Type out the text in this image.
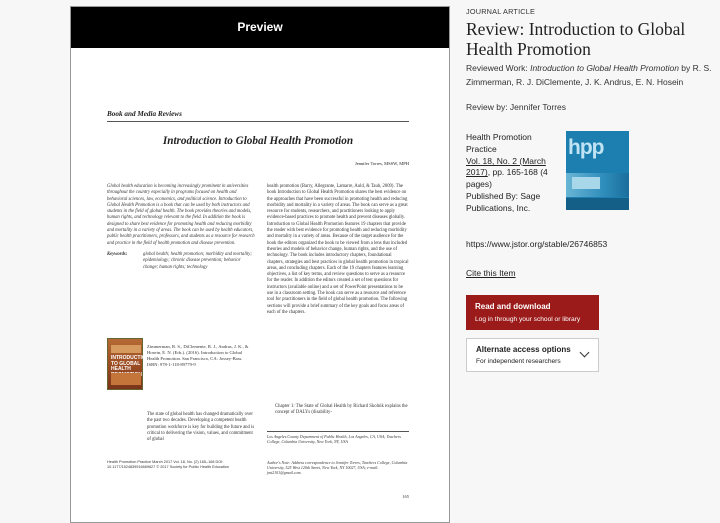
Preview
Book and Media Reviews
Introduction to Global Health Promotion
Jennifer Torres, MSSW, MPH
Global health education is becoming increasingly prominent in universities throughout the country especially in programs focused on health and behavioral sciences, law, economics, and political science. Introduction to Global Health Promotion is a book that can be used by both instructors and students in the field of global health. The book provides theories and models, human rights, and technology relevant to the field. In addition the book is designed to share best evidence for promoting health and reducing morbidity and mortality in a variety of areas. The book can be used by health educators, public health practitioners, professors, and students as a resource for research and practice in the field of health promotion and disease prevention.
Keywords:	global health; health promotion; morbidity and mortality; epidemiology; chronic disease prevention; behavior change; human rights; technology
INTRODUCTION TO GLOBAL HEALTH
Zimmerman, R. S., DiClemente, R. J., Andrus, J. K., & Hosein, E. N. (Eds.). (2016). Introduction to Global Health Promotion. San Francisco, CA: Jossey-Bass. ISBN: 978-1-118-89779-9
The state of global health has changed dramatically over the past two decades. Developing a competent health promotion workforce is key for building the future and is critical to delivering the vision, values, and commitment of global
health promotion (Barry, Allegrante, Lamarre, Auld, & Taub, 2009). The book Introduction to Global Health Promotion shares the best evidence on the approaches that have been successful in promoting health and reducing morbidity and mortality in a variety of areas. The book can serve as a great resource for students, researchers, and practitioners looking to apply evidence-based practices to promote health and prevent diseases globally. Introduction to Global Health Promotion features 19 chapters that provide the reader with best evidence for promoting health and reducing morbidity and mortality in a variety of areas. Because of the target audience for the book the editors organized the book to be viewed from a lens that included theories and models of behavior change, human rights, and the use of technology. The book includes introductory chapters, foundational chapters, strategies and best practices in global health promotion in tropical areas, and concluding chapters. Each of the 19 chapters features learning objectives, a list of key terms, and review questions to serve as a resource for the reader. In addition the editors created a set of test questions for instructors (available online) and a set of PowerPoint presentations to be use in a classroom setting. The book can serve as a resource and reference tool for practitioners in the field of global health promotion. The following sections will provide a brief summary of the key goals and focus areas of each of the chapters.
Chapter 1: The State of Global Health by Richard Skolnik explains the concept of DALYs (disability-
Los Angeles County Department of Public Health, Los Angeles, CA, USA; Teachers College, Columbia University, New York, NY, USA
Author's Note: Address correspondence to Jennifer Torres, Teachers College, Columbia University, 525 West 120th Street, New York, NY 10027, USA; e-mail: jmt2101@gmail.com.
Health Promotion Practice March 2017 Vol. 18, No. (2) 165–168 DOI: 10.1177/1524839916669627 © 2017 Society for Public Health Education
165
JOURNAL ARTICLE
Review: Introduction to Global Health Promotion
Reviewed Work: Introduction to Global Health Promotion by R. S. Zimmerman, R. J. DiClemente, J. K. Andrus, E. N. Hosein
Review by: Jennifer Torres
Health Promotion Practice
Vol. 18, No. 2 (March 2017), pp. 165-168 (4 pages)
Published By: Sage Publications, Inc.
hpp
https://www.jstor.org/stable/26746853
Cite this Item
Read and download
Log in through your school or library
Alternate access options
For independent researchers
